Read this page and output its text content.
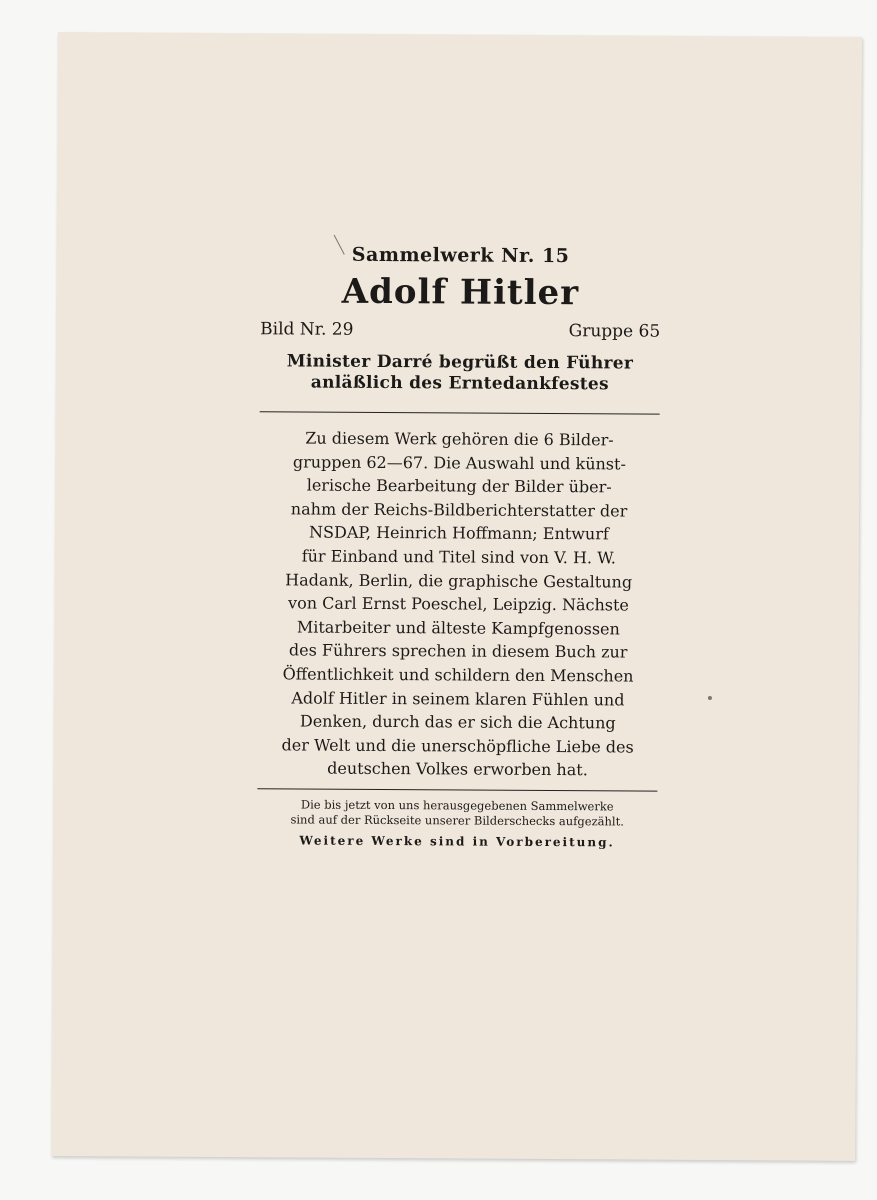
Sammelwerk Nr. 15
Adolf Hitler
Bild Nr. 29	Gruppe 65
Minister Darré begrüßt den Führer
anläßlich des Erntedankfestes
Zu diesem Werk gehören die 6 Bilder-
gruppen 62—67. Die Auswahl und künst-
lerische Bearbeitung der Bilder über-
nahm der Reichs-Bildberichterstatter der
NSDAP, Heinrich Hoffmann; Entwurf
für Einband und Titel sind von V. H. W.
Hadank, Berlin, die graphische Gestaltung
von Carl Ernst Poeschel, Leipzig. Nächste
Mitarbeiter und älteste Kampfgenossen
des Führers sprechen in diesem Buch zur
Öffentlichkeit und schildern den Menschen
Adolf Hitler in seinem klaren Fühlen und
Denken, durch das er sich die Achtung
der Welt und die unerschöpfliche Liebe des
deutschen Volkes erworben hat.
Die bis jetzt von uns herausgegebenen Sammelwerke
sind auf der Rückseite unserer Bilderschecks aufgezählt.
Weitere Werke sind in Vorbereitung.
